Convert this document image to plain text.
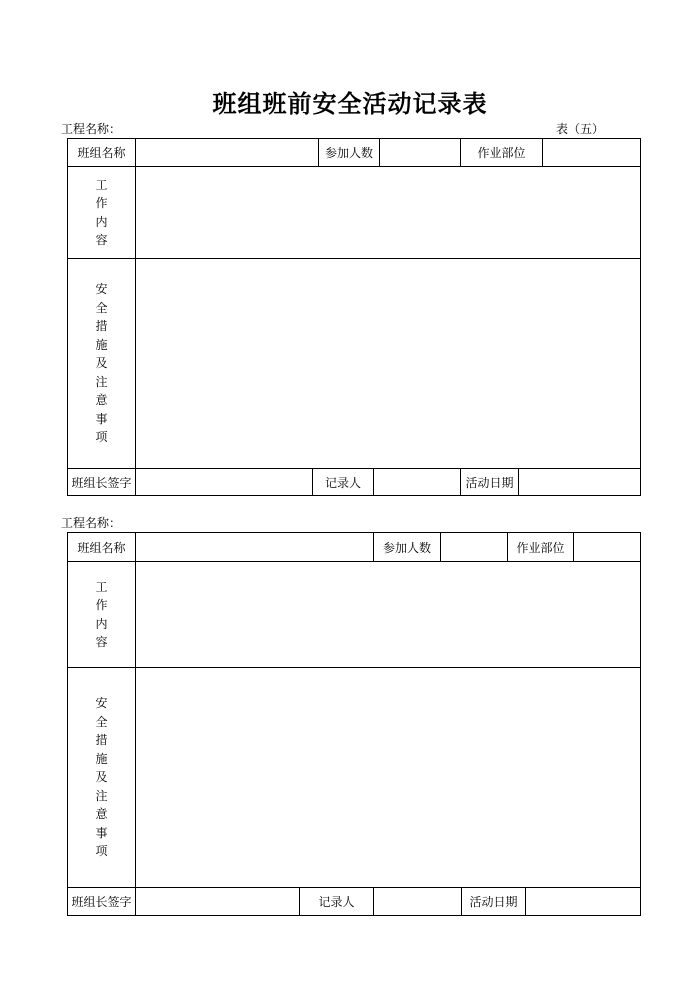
班组班前安全活动记录表
工程名称：	表（五）
班组名称		参加人数		作业部位	
工作内容					
安全措施及注意事项					
班组长签字		记录人		活动日期	
工程名称：
班组名称		参加人数		作业部位	
工作内容					
安全措施及注意事项					
班组长签字		记录人		活动日期	
